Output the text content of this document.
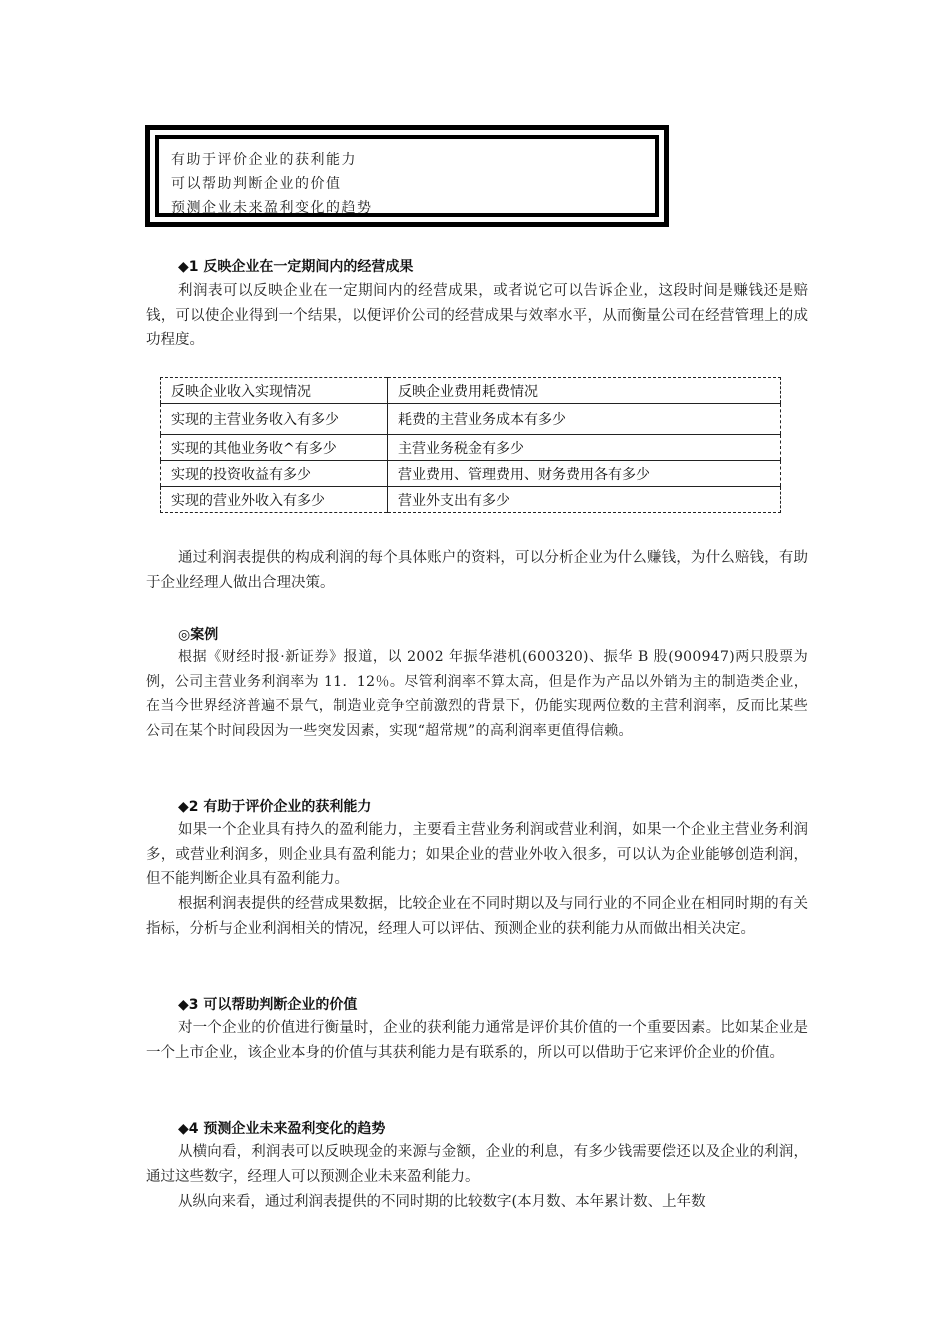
有助于评价企业的获利能力
可以帮助判断企业的价值
预测企业未来盈利变化的趋势
◆1 反映企业在一定期间内的经营成果

利润表可以反映企业在一定期间内的经营成果，或者说它可以告诉企业，这段时间是赚钱还是赔钱，可以使企业得到一个结果，以便评价公司的经营成果与效率水平，从而衡量公司在经营管理上的成功程度。

反映企业收入实现情况	反映企业费用耗费情况
实现的主营业务收入有多少	耗费的主营业务成本有多少
实现的其他业务收^有多少	主营业务税金有多少
实现的投资收益有多少	营业费用、管理费用、财务费用各有多少
实现的营业外收入有多少	营业外支出有多少

通过利润表提供的构成利润的每个具体账户的资料，可以分析企业为什么赚钱，为什么赔钱，有助于企业经理人做出合理决策。

◎案例

根据《财经时报·新证券》报道，以 2002 年振华港机(600320)、振华 B 股(900947)两只股票为例，公司主营业务利润率为 11．12％。尽管利润率不算太高，但是作为产品以外销为主的制造类企业，在当今世界经济普遍不景气，制造业竞争空前激烈的背景下，仍能实现两位数的主营利润率，反而比某些公司在某个时间段因为一些突发因素，实现“超常规”的高利润率更值得信赖。

◆2 有助于评价企业的获利能力

如果一个企业具有持久的盈利能力，主要看主营业务利润或营业利润，如果一个企业主营业务利润多，或营业利润多，则企业具有盈利能力；如果企业的营业外收入很多，可以认为企业能够创造利润，但不能判断企业具有盈利能力。

根据利润表提供的经营成果数据，比较企业在不同时期以及与同行业的不同企业在相同时期的有关指标，分析与企业利润相关的情况，经理人可以评估、预测企业的获利能力从而做出相关决定。

◆3 可以帮助判断企业的价值

对一个企业的价值进行衡量时，企业的获利能力通常是评价其价值的一个重要因素。比如某企业是一个上市企业，该企业本身的价值与其获利能力是有联系的，所以可以借助于它来评价企业的价值。

◆4 预测企业未来盈利变化的趋势

从横向看，利润表可以反映现金的来源与金额，企业的利息，有多少钱需要偿还以及企业的利润，通过这些数字，经理人可以预测企业未来盈利能力。

从纵向来看，通过利润表提供的不同时期的比较数字(本月数、本年累计数、上年数
